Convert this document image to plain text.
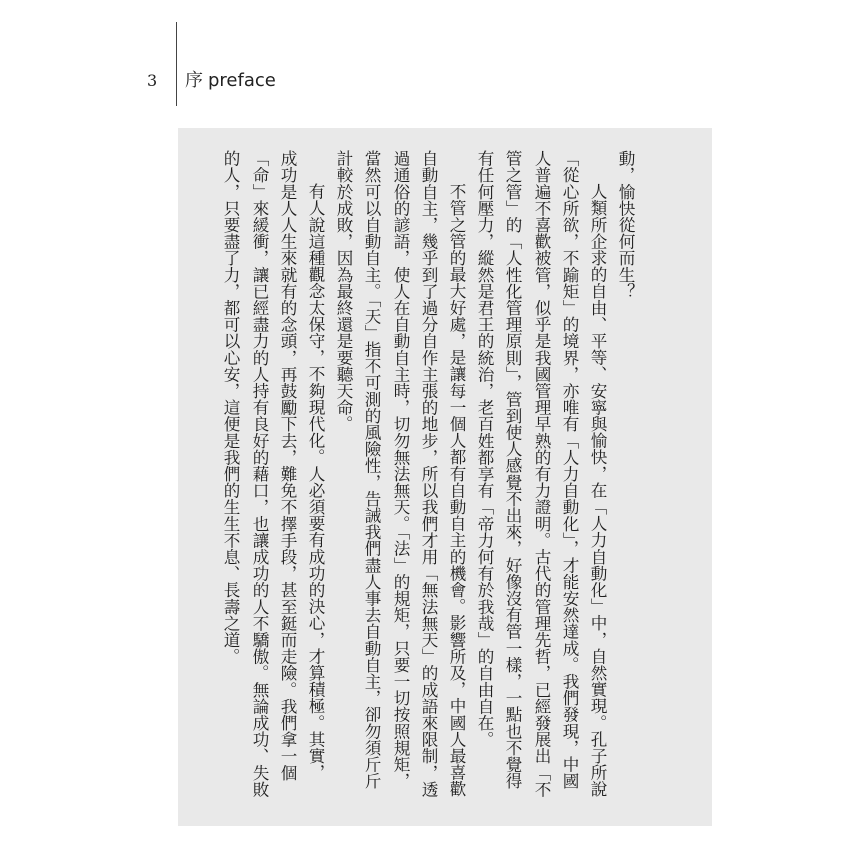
3 序 preface
動，愉快從何而生？
人類所企求的自由、平等、安寧與愉快，在「人力自動化」中，自然實現。孔子所說
「從心所欲，不踰矩」的境界，亦唯有「人力自動化」，才能安然達成。我們發現，中國
人普遍不喜歡被管，似乎是我國管理早熟的有力證明。古代的管理先哲，已經發展出「不
管之管」的「人性化管理原則」，管到使人感覺不出來，好像沒有管一樣，一點也不覺得
有任何壓力，縱然是君王的統治，老百姓都享有「帝力何有於我哉」的自由自在。
不管之管的最大好處，是讓每一個人都有自動自主的機會。影響所及，中國人最喜歡
自動自主，幾乎到了過分自作主張的地步，所以我們才用「無法無天」的成語來限制，透
過通俗的諺語，使人在自動自主時，切勿無法無天。「法」的規矩，只要一切按照規矩，
當然可以自動自主。「天」指不可測的風險性，告誡我們盡人事去自動自主，卻勿須斤斤
計較於成敗，因為最終還是要聽天命。
有人說這種觀念太保守，不夠現代化。人必須要有成功的決心，才算積極。其實，
成功是人人生來就有的念頭，再鼓勵下去，難免不擇手段，甚至鋌而走險。我們拿一個
「命」來緩衝，讓已經盡力的人持有良好的藉口，也讓成功的人不驕傲。無論成功、失敗
的人，只要盡了力，都可以心安，這便是我們的生生不息、長壽之道。
